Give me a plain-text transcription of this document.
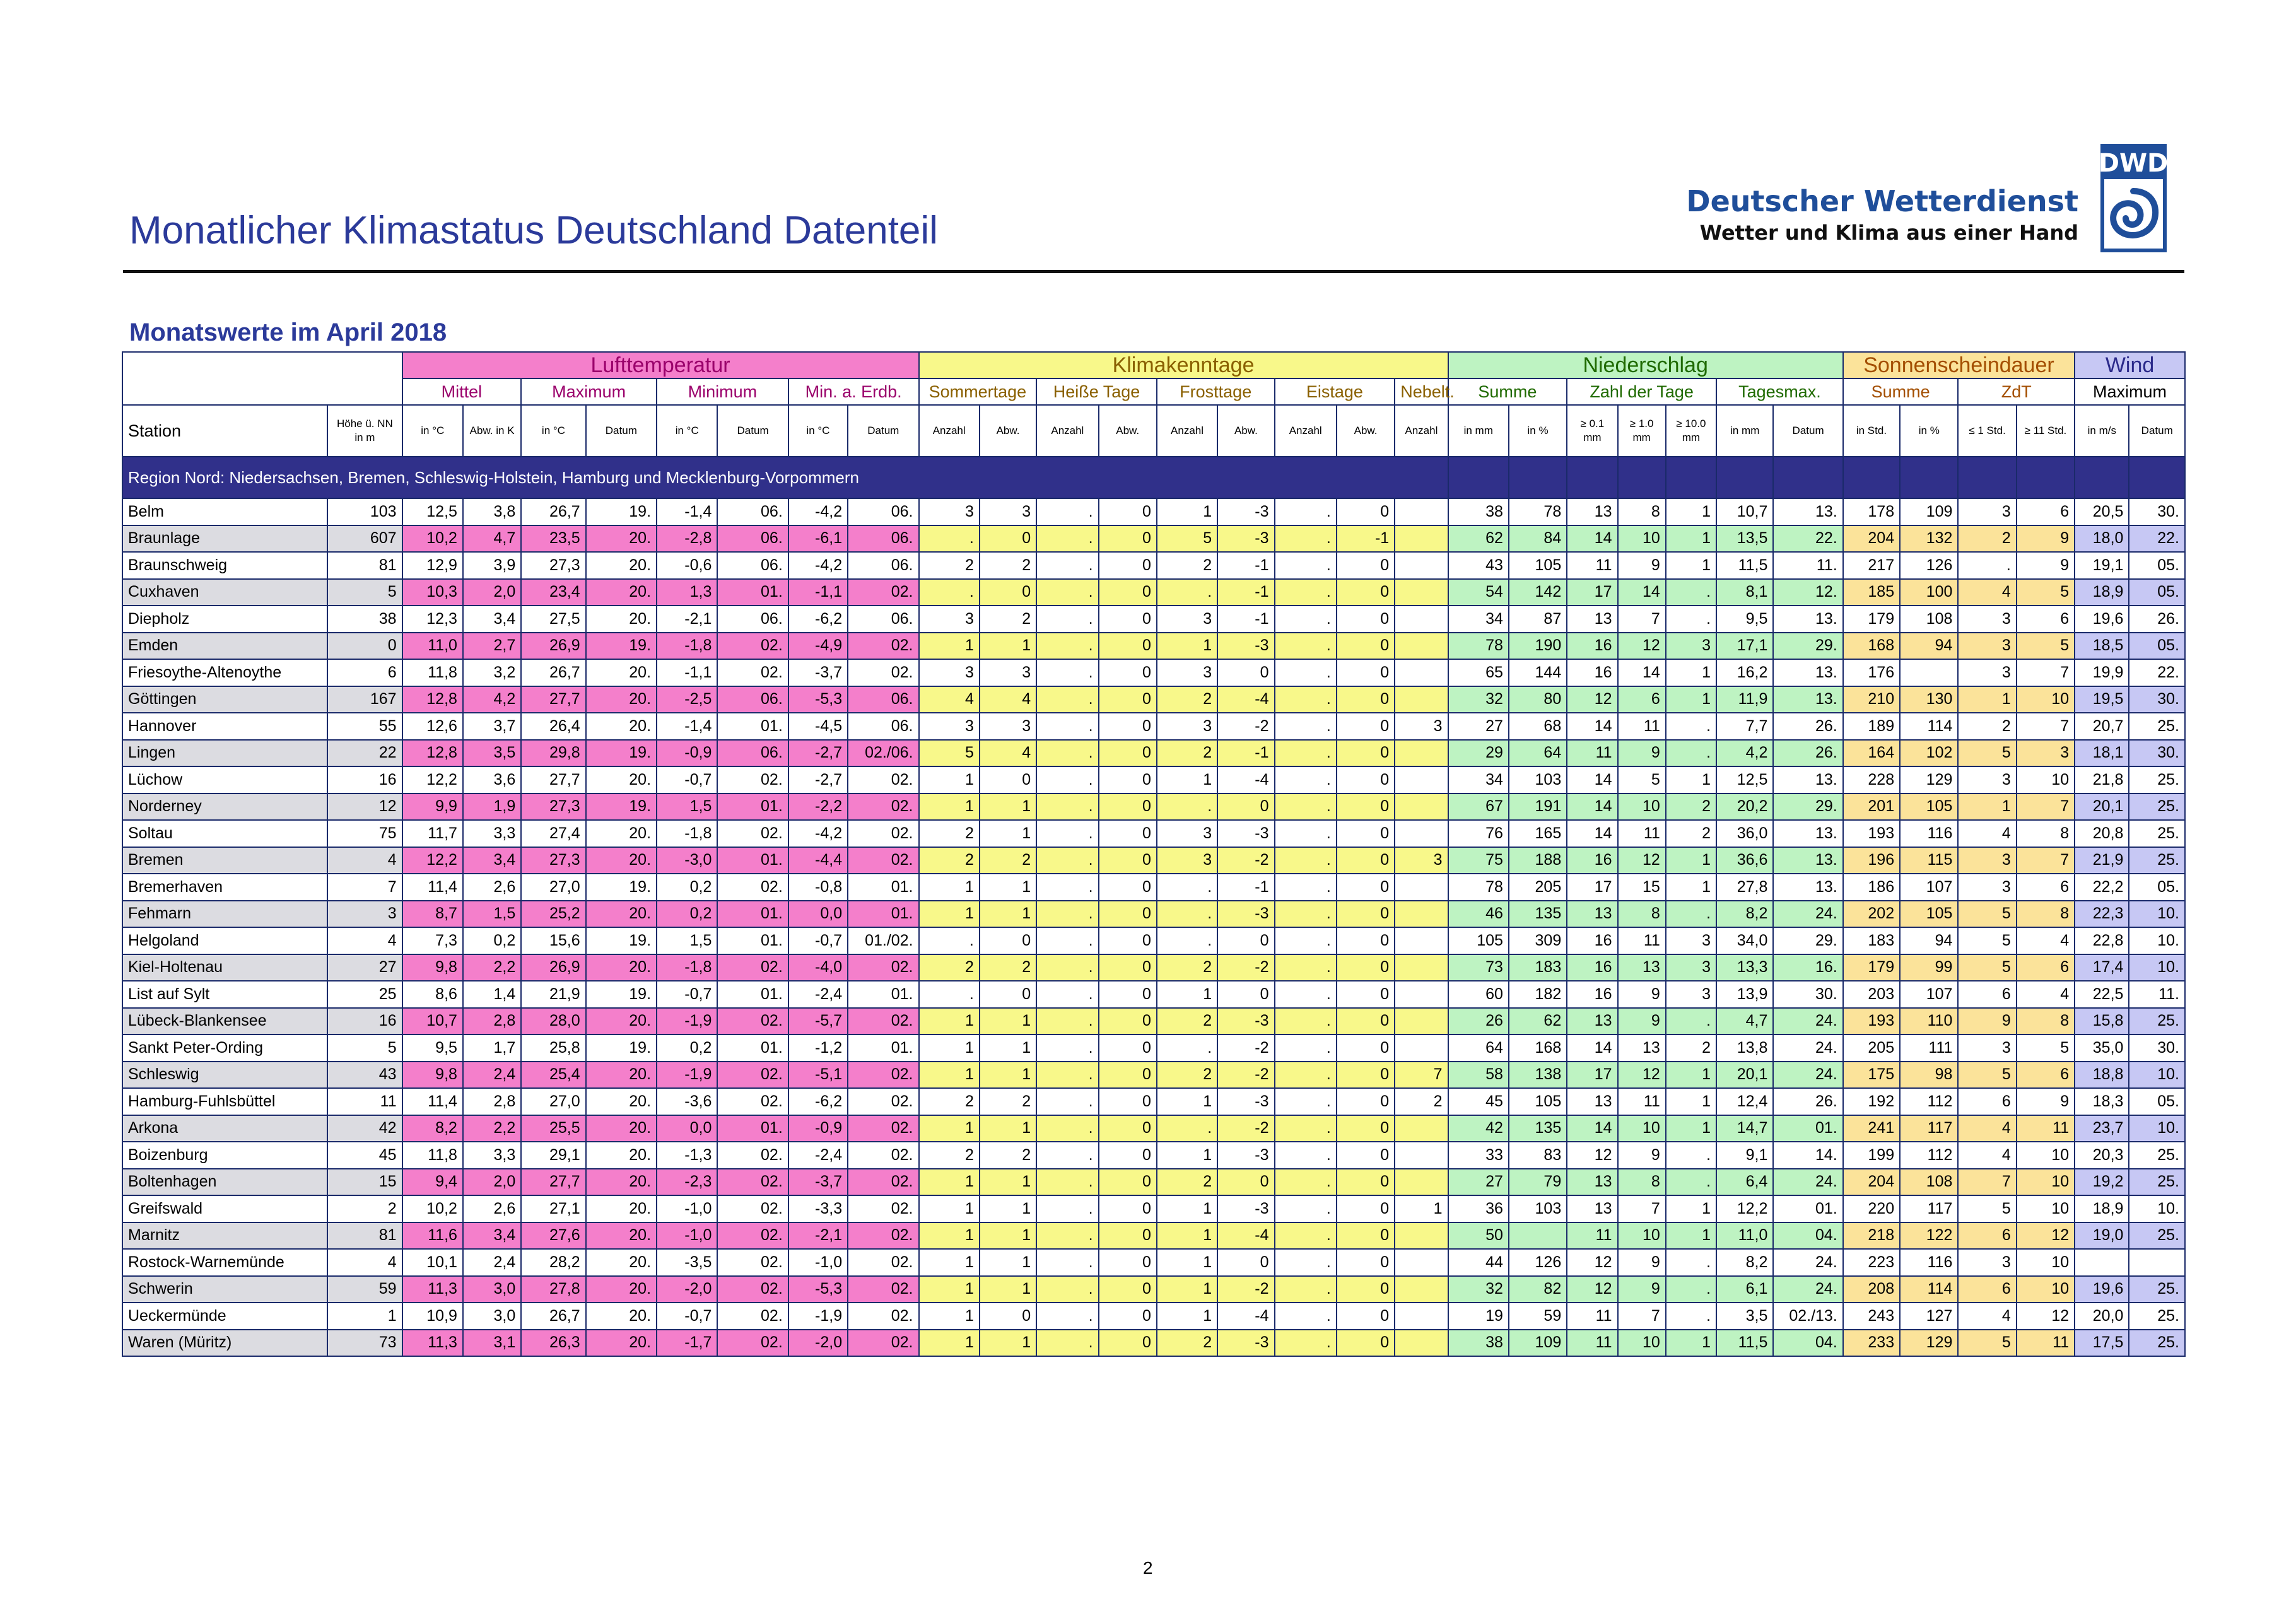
Monatlicher Klimastatus Deutschland Datenteil
Deutscher Wetterdienst
Wetter und Klima aus einer Hand
DWD
Monatswerte im April 2018
		Lufttemperatur								Klimakenntage									Niederschlag							Sonnenscheindauer				Wind	
		Mittel		Maximum		Minimum		Min. a. Erdb.		Sommertage		Heiße Tage		Frosttage		Eistage		Nebelt.	Summe		Zahl der Tage			Tagesmax.		Summe		ZdT		Maximum	
Station	Höhe ü. NN in m	in °C	Abw. in K	in °C	Datum	in °C	Datum	in °C	Datum	Anzahl	Abw.	Anzahl	Abw.	Anzahl	Abw.	Anzahl	Abw.	Anzahl	in mm	in %	≥ 0.1 mm	≥ 1.0 mm	≥ 10.0 mm	in mm	Datum	in Std.	in %	≤ 1 Std.	≥ 11 Std.	in m/s	Datum
Region Nord: Niedersachsen, Bremen, Schleswig-Holstein, Hamburg und Mecklenburg-Vorpommern																															
Belm	103	12,5	3,8	26,7	19.	-1,4	06.	-4,2	06.	3	3	.	0	1	-3	.	0		38	78	13	8	1	10,7	13.	178	109	3	6	20,5	30.
Braunlage	607	10,2	4,7	23,5	20.	-2,8	06.	-6,1	06.	.	0	.	0	5	-3	.	-1		62	84	14	10	1	13,5	22.	204	132	2	9	18,0	22.
Braunschweig	81	12,9	3,9	27,3	20.	-0,6	06.	-4,2	06.	2	2	.	0	2	-1	.	0		43	105	11	9	1	11,5	11.	217	126	.	9	19,1	05.
Cuxhaven	5	10,3	2,0	23,4	20.	1,3	01.	-1,1	02.	.	0	.	0	.	-1	.	0		54	142	17	14	.	8,1	12.	185	100	4	5	18,9	05.
Diepholz	38	12,3	3,4	27,5	20.	-2,1	06.	-6,2	06.	3	2	.	0	3	-1	.	0		34	87	13	7	.	9,5	13.	179	108	3	6	19,6	26.
Emden	0	11,0	2,7	26,9	19.	-1,8	02.	-4,9	02.	1	1	.	0	1	-3	.	0		78	190	16	12	3	17,1	29.	168	94	3	5	18,5	05.
Friesoythe-Altenoythe	6	11,8	3,2	26,7	20.	-1,1	02.	-3,7	02.	3	3	.	0	3	0	.	0		65	144	16	14	1	16,2	13.	176		3	7	19,9	22.
Göttingen	167	12,8	4,2	27,7	20.	-2,5	06.	-5,3	06.	4	4	.	0	2	-4	.	0		32	80	12	6	1	11,9	13.	210	130	1	10	19,5	30.
Hannover	55	12,6	3,7	26,4	20.	-1,4	01.	-4,5	06.	3	3	.	0	3	-2	.	0	3	27	68	14	11	.	7,7	26.	189	114	2	7	20,7	25.
Lingen	22	12,8	3,5	29,8	19.	-0,9	06.	-2,7	02./06.	5	4	.	0	2	-1	.	0		29	64	11	9	.	4,2	26.	164	102	5	3	18,1	30.
Lüchow	16	12,2	3,6	27,7	20.	-0,7	02.	-2,7	02.	1	0	.	0	1	-4	.	0		34	103	14	5	1	12,5	13.	228	129	3	10	21,8	25.
Norderney	12	9,9	1,9	27,3	19.	1,5	01.	-2,2	02.	1	1	.	0	.	0	.	0		67	191	14	10	2	20,2	29.	201	105	1	7	20,1	25.
Soltau	75	11,7	3,3	27,4	20.	-1,8	02.	-4,2	02.	2	1	.	0	3	-3	.	0		76	165	14	11	2	36,0	13.	193	116	4	8	20,8	25.
Bremen	4	12,2	3,4	27,3	20.	-3,0	01.	-4,4	02.	2	2	.	0	3	-2	.	0	3	75	188	16	12	1	36,6	13.	196	115	3	7	21,9	25.
Bremerhaven	7	11,4	2,6	27,0	19.	0,2	02.	-0,8	01.	1	1	.	0	.	-1	.	0		78	205	17	15	1	27,8	13.	186	107	3	6	22,2	05.
Fehmarn	3	8,7	1,5	25,2	20.	0,2	01.	0,0	01.	1	1	.	0	.	-3	.	0		46	135	13	8	.	8,2	24.	202	105	5	8	22,3	10.
Helgoland	4	7,3	0,2	15,6	19.	1,5	01.	-0,7	01./02.	.	0	.	0	.	0	.	0		105	309	16	11	3	34,0	29.	183	94	5	4	22,8	10.
Kiel-Holtenau	27	9,8	2,2	26,9	20.	-1,8	02.	-4,0	02.	2	2	.	0	2	-2	.	0		73	183	16	13	3	13,3	16.	179	99	5	6	17,4	10.
List auf Sylt	25	8,6	1,4	21,9	19.	-0,7	01.	-2,4	01.	.	0	.	0	1	0	.	0		60	182	16	9	3	13,9	30.	203	107	6	4	22,5	11.
Lübeck-Blankensee	16	10,7	2,8	28,0	20.	-1,9	02.	-5,7	02.	1	1	.	0	2	-3	.	0		26	62	13	9	.	4,7	24.	193	110	9	8	15,8	25.
Sankt Peter-Ording	5	9,5	1,7	25,8	19.	0,2	01.	-1,2	01.	1	1	.	0	.	-2	.	0		64	168	14	13	2	13,8	24.	205	111	3	5	35,0	30.
Schleswig	43	9,8	2,4	25,4	20.	-1,9	02.	-5,1	02.	1	1	.	0	2	-2	.	0	7	58	138	17	12	1	20,1	24.	175	98	5	6	18,8	10.
Hamburg-Fuhlsbüttel	11	11,4	2,8	27,0	20.	-3,6	02.	-6,2	02.	2	2	.	0	1	-3	.	0	2	45	105	13	11	1	12,4	26.	192	112	6	9	18,3	05.
Arkona	42	8,2	2,2	25,5	20.	0,0	01.	-0,9	02.	1	1	.	0	.	-2	.	0		42	135	14	10	1	14,7	01.	241	117	4	11	23,7	10.
Boizenburg	45	11,8	3,3	29,1	20.	-1,3	02.	-2,4	02.	2	2	.	0	1	-3	.	0		33	83	12	9	.	9,1	14.	199	112	4	10	20,3	25.
Boltenhagen	15	9,4	2,0	27,7	20.	-2,3	02.	-3,7	02.	1	1	.	0	2	0	.	0		27	79	13	8	.	6,4	24.	204	108	7	10	19,2	25.
Greifswald	2	10,2	2,6	27,1	20.	-1,0	02.	-3,3	02.	1	1	.	0	1	-3	.	0	1	36	103	13	7	1	12,2	01.	220	117	5	10	18,9	10.
Marnitz	81	11,6	3,4	27,6	20.	-1,0	02.	-2,1	02.	1	1	.	0	1	-4	.	0		50		11	10	1	11,0	04.	218	122	6	12	19,0	25.
Rostock-Warnemünde	4	10,1	2,4	28,2	20.	-3,5	02.	-1,0	02.	1	1	.	0	1	0	.	0		44	126	12	9	.	8,2	24.	223	116	3	10		
Schwerin	59	11,3	3,0	27,8	20.	-2,0	02.	-5,3	02.	1	1	.	0	1	-2	.	0		32	82	12	9	.	6,1	24.	208	114	6	10	19,6	25.
Ueckermünde	1	10,9	3,0	26,7	20.	-0,7	02.	-1,9	02.	1	0	.	0	1	-4	.	0		19	59	11	7	.	3,5	02./13.	243	127	4	12	20,0	25.
Waren (Müritz)	73	11,3	3,1	26,3	20.	-1,7	02.	-2,0	02.	1	1	.	0	2	-3	.	0		38	109	11	10	1	11,5	04.	233	129	5	11	17,5	25.
2
